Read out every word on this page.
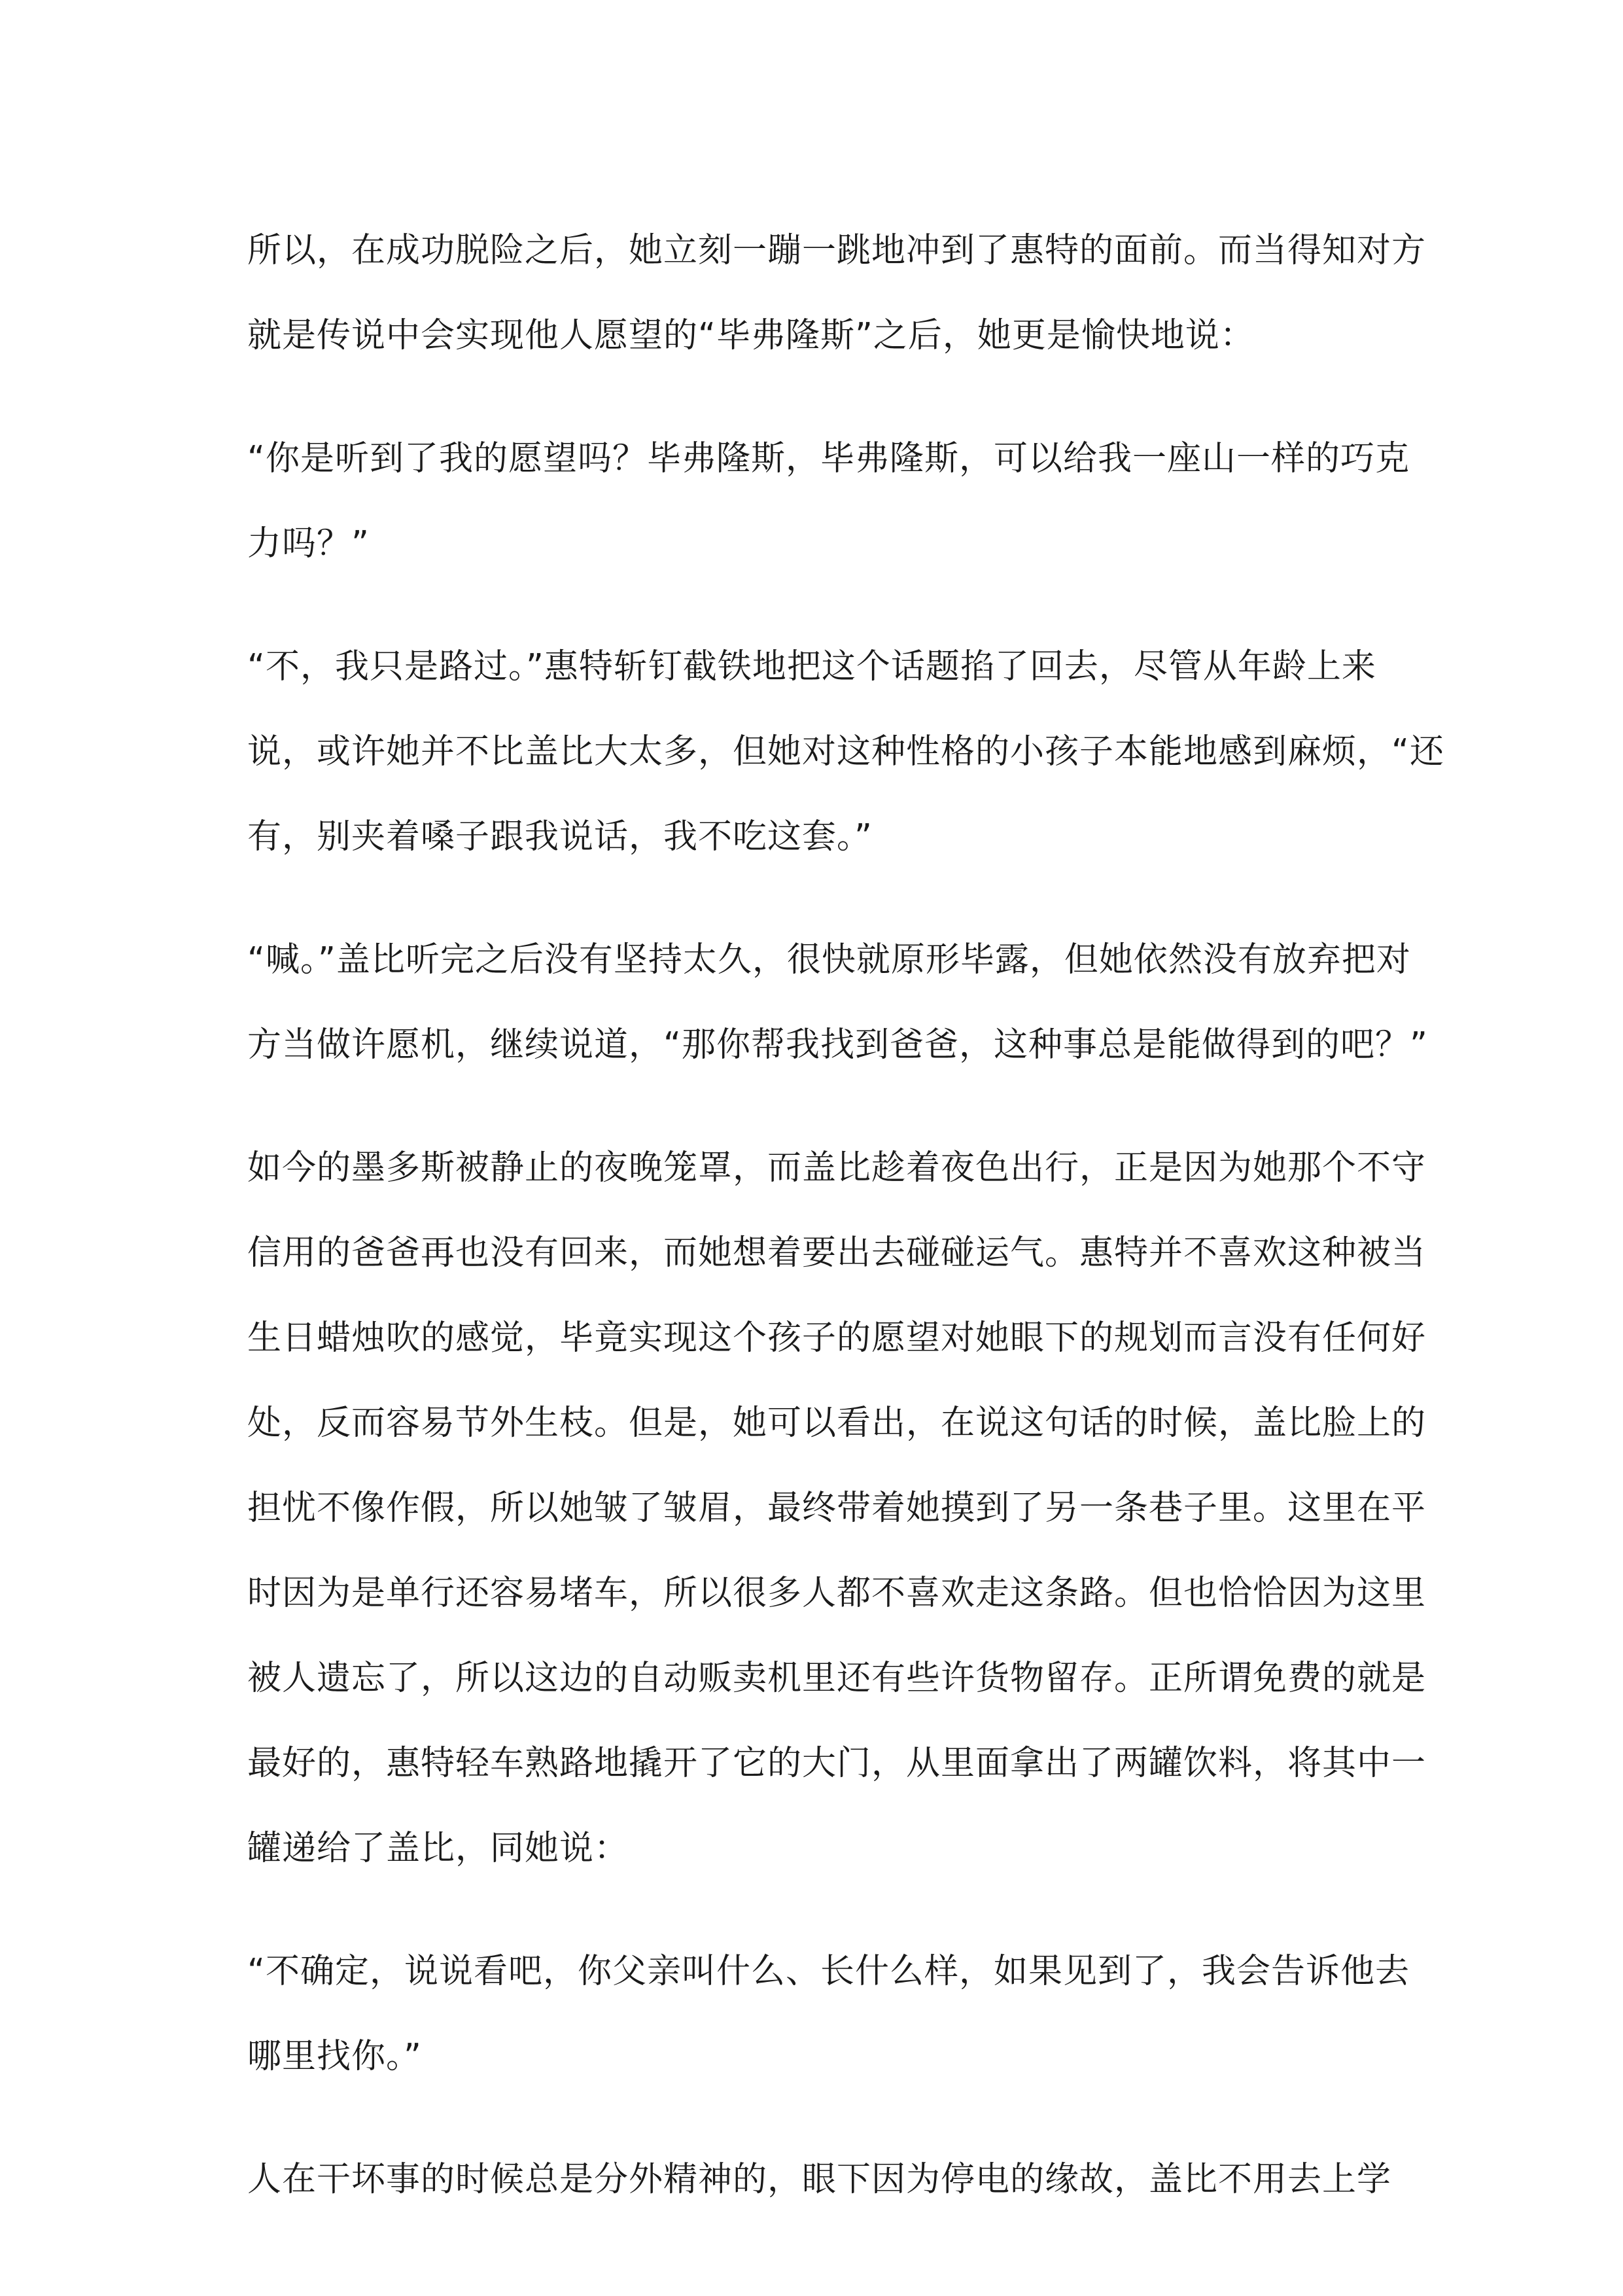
所以，在成功脱险之后，她立刻一蹦一跳地冲到了惠特的面前。而当得知对方
就是传说中会实现他人愿望的“毕弗隆斯”之后，她更是愉快地说：

“你是听到了我的愿望吗？毕弗隆斯，毕弗隆斯，可以给我一座山一样的巧克
力吗？”

“不，我只是路过。”惠特斩钉截铁地把这个话题掐了回去，尽管从年龄上来
说，或许她并不比盖比大太多，但她对这种性格的小孩子本能地感到麻烦，“还
有，别夹着嗓子跟我说话，我不吃这套。”

“喊。”盖比听完之后没有坚持太久，很快就原形毕露，但她依然没有放弃把对
方当做许愿机，继续说道，“那你帮我找到爸爸，这种事总是能做得到的吧？”

如今的墨多斯被静止的夜晚笼罩，而盖比趁着夜色出行，正是因为她那个不守
信用的爸爸再也没有回来，而她想着要出去碰碰运气。惠特并不喜欢这种被当
生日蜡烛吹的感觉，毕竟实现这个孩子的愿望对她眼下的规划而言没有任何好
处，反而容易节外生枝。但是，她可以看出，在说这句话的时候，盖比脸上的
担忧不像作假，所以她皱了皱眉，最终带着她摸到了另一条巷子里。这里在平
时因为是单行还容易堵车，所以很多人都不喜欢走这条路。但也恰恰因为这里
被人遗忘了，所以这边的自动贩卖机里还有些许货物留存。正所谓免费的就是
最好的，惠特轻车熟路地撬开了它的大门，从里面拿出了两罐饮料，将其中一
罐递给了盖比，同她说：

“不确定，说说看吧，你父亲叫什么、长什么样，如果见到了，我会告诉他去
哪里找你。”

人在干坏事的时候总是分外精神的，眼下因为停电的缘故，盖比不用去上学
